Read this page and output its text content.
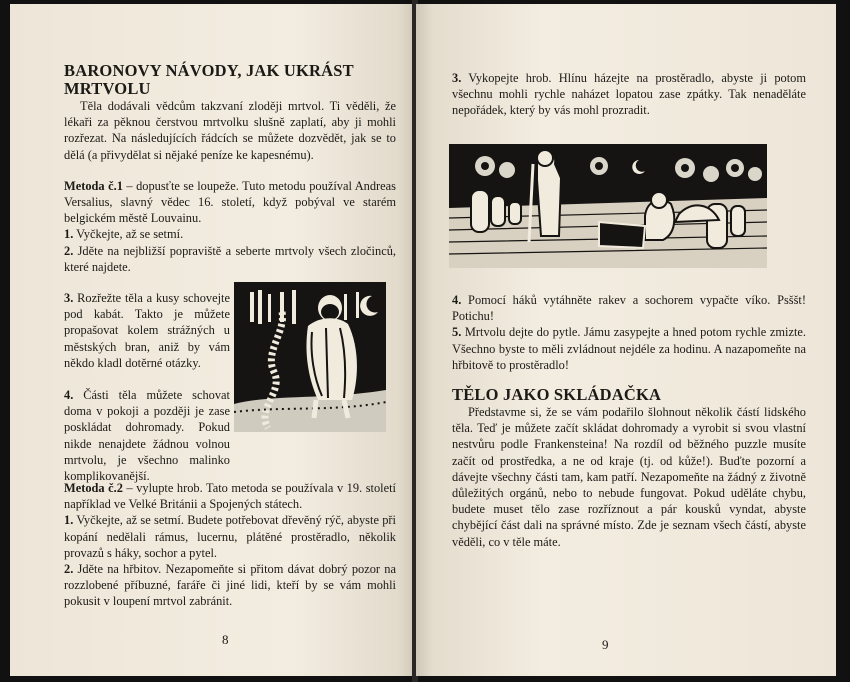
BARONOVY NÁVODY, JAK UKRÁST MRTVOLU

Těla dodávali vědcům takzvaní zloději mrtvol. Ti věděli, že lékaři za pěknou čerstvou mrtvolku slušně zaplatí, aby ji mohli rozřezat. Na následujících řádcích se můžete dozvědět, jak se to dělá (a přivydělat si nějaké peníze ke kapesnému).

Metoda č.1 – dopusťte se loupeže. Tuto metodu používal Andreas Versalius, slavný vědec 16. století, když pobýval ve starém belgickém městě Louvainu.

1. Vyčkejte, až se setmí.

2. Jděte na nejbližší popraviště a seberte mrtvoly všech zločinců, které najdete.

3. Rozřežte těla a kusy schovejte pod kabát. Takto je můžete propašovat kolem strážných u městských bran, aniž by vám někdo kladl dotěrné otázky.

4. Části těla můžete schovat doma v pokoji a později je zase poskládat dohromady. Pokud nikde nenajdete žádnou volnou mrtvolu, je všechno malinko komplikovanější.

Metoda č.2 – vylupte hrob. Tato metoda se používala v 19. století například ve Velké Británii a Spojených státech.

1. Vyčkejte, až se setmí. Budete potřebovat dřevěný rýč, abyste při kopání nedělali rámus, lucernu, plátěné prostěradlo, několik provazů s háky, sochor a pytel.

2. Jděte na hřbitov. Nezapomeňte si přitom dávat dobrý pozor na rozzlobené příbuzné, faráře či jiné lidi, kteří by se vám mohli pokusit v loupení mrtvol zabránit.

8

3. Vykopejte hrob. Hlínu házejte na prostěradlo, abyste ji potom všechnu mohli rychle naházet lopatou zase zpátky. Tak nenaděláte nepořádek, který by vás mohl prozradit.

4. Pomocí háků vytáhněte rakev a sochorem vypačte víko. Psššt! Potichu!

5. Mrtvolu dejte do pytle. Jámu zasypejte a hned potom rychle zmizte. Všechno byste to měli zvládnout nejdéle za hodinu. A nazapomeňte na hřbitově to prostěradlo!

TĚLO JAKO SKLÁDAČKA

Představme si, že se vám podařilo šlohnout několik částí lidského těla. Teď je můžete začít skládat dohromady a vyrobit si svou vlastní nestvůru podle Frankensteina! Na rozdíl od běžného puzzle musíte začít od prostředka, a ne od kraje (tj. od kůže!). Buďte pozorní a dávejte všechny části tam, kam patří. Nezapomeňte na žádný z životně důležitých orgánů, nebo to nebude fungovat. Pokud uděláte chybu, budete muset tělo zase rozříznout a pár kousků vyndat, abyste chybějící část dali na správné místo. Zde je seznam všech částí, abyste věděli, co v těle máte.

9
